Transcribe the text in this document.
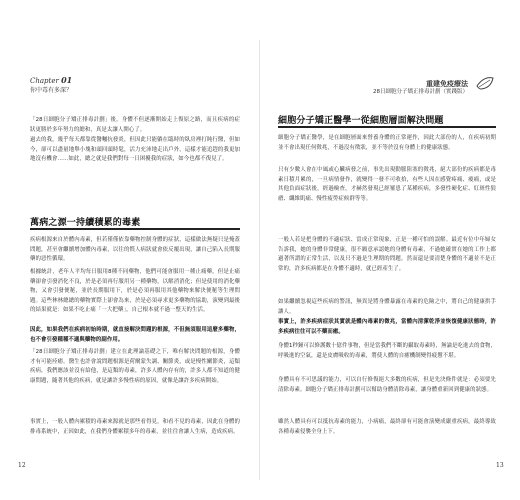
Chapter 01
你中毒有多深？
「28日細胞分子矯正排毒計劃」後，身體不但逐漸開始走上復原之路，而且疾病的症狀更勝於多年努力的總和，真是太讓人開心了。
過去的我，幾乎每天都靠從醫囑抗發炎，但因此只能躺在臨時的臥房裡打盹行醫，但如今，卻可以盡量地舉小塊和頭回頭時髦，活力充沛地走出戶外，這樣才能追趕的我更加地沒有機會……如此，總之就是我們對每一日困擾我的症狀，如今也都不復見了。
萬病之源一持續積累的毒素
疾病根源來自於體內毒素，但若僅僅依靠藥物控制身體的症狀，這樣做法無疑只是掩蓋問題，甚至會繼續增加體內毒素，以往的慣人病狀就會依反覆出現，讓自己陷入長期服藥的惡性循環。
根據統計，老年人平均每日服用8種不同藥物，他們可能會服用一種止痛藥，但是止痛藥卻會引發消化不良，於是必須再行服用另一種藥物，以解消消化；但是使用的消化藥物，又會引發便秘，並於長期服用下，於是必須再服用其他藥物來解決便秘等生理問題。這些林林總總的藥物實際上卻會為來，於是必須尋求更多藥物的協助，演變到最後的結果就是：如果不吃止痛「一大把藥」，自己根本就不過一整天的生活。
因此，如果我們在疾病初始時期，就直接解決問題的根源，不但無須服用這麼多藥物，也不會引發種種不適與藥物的副作用。
「28日細胞分子矯正排毒計劃」建立在此理論基礎之下，唯有解決問題的根源，身體才有可能痊癒。醫生也許會說問題根源是荷爾蒙失調、關節炎，或是慢性關節炎，這類疾病，我們應該並沒有給他，是這類的毒素，許多人體內存有的，許多人都不知道的健康問題，隨著其他的疾病，就是讓許多慢性病的原因，就像是讓許多疾病開始。
事實上，一般人體內累積的毒素來源就是那些看得見，和看不見的毒素，因此在身體的排毒系統中，正因如此，在我們身體累積多年的毒素，並往往會讓人生病，造成疾病。
12
重建免疫療法
28日細胞分子矯正排毒計劃（實踐版）
細胞分子矯正醫學一從細胞層面解決問題
細胞分子矯正醫學，是在細胞層面來營養身體的正常運作，因此大部份的人，在疾病初期並不會出現任何徵兆，不過沒有徵狀，並不等於沒有身體上的健康狀態。
只有少數人會在中風或心臟病發之前，事先出現動脈阻塞的徵兆，絕大部份的疾病都是毒素日積月累的，一旦病情發作，就變得一發不可收拾，有些人因在感覺疼痛、痠痛，或是其他負面症狀後，經過檢查，才赫然發現已經罹患了某種疾病，多發性硬化症、紅斑性狼瘡、纖維肌痛、慢性疲勞症候群等等。
一般人若是把身體的不適症狀、當成正常現象，正是一種可怕的誤解。最近有位中年婦女告訴我，她的身體非常健康，很不願意承認她的身體有毒素，不過她確實在她的工作上都過著所謂的正常生活，以及只不過是生理期的問題。然而還是要清楚身體的不適並不是正常的，許多疾病都是在身體不適時，就已經產生了。
如果繼續忽視這些疾病的警訊，無異是將身體暴露在毒素的危險之中，將自己的健康拱手讓人。
事實上，許多疾病症狀其實就是體內毒素的徵兆，當體內清潔乾淨並恢復健康狀態時，許多疾病往往可以不藥而癒。
身體1秒鐘可以修護數十億件事物，但是當我們不斷的攝取毒素時，無論是吃進去的食物，呼吸進的空氣，還是皮膚吸收的毒素，將使人體的自癒機制變得疲憊不堪。
身體具有不可思議的能力，可以自行修復絕大多數的疾病，但是先決條件就是：必須要先清除毒素。細胞分子矯正排毒計劃可以幫助身體清除毒素，讓身體重新回到健康的狀態。
雖然人體具有可以抵抗毒素的能力，小病痛，最終卻有可能會演變成嚴重疾病，最終導致各種毒素侵襲全身上下。
13
